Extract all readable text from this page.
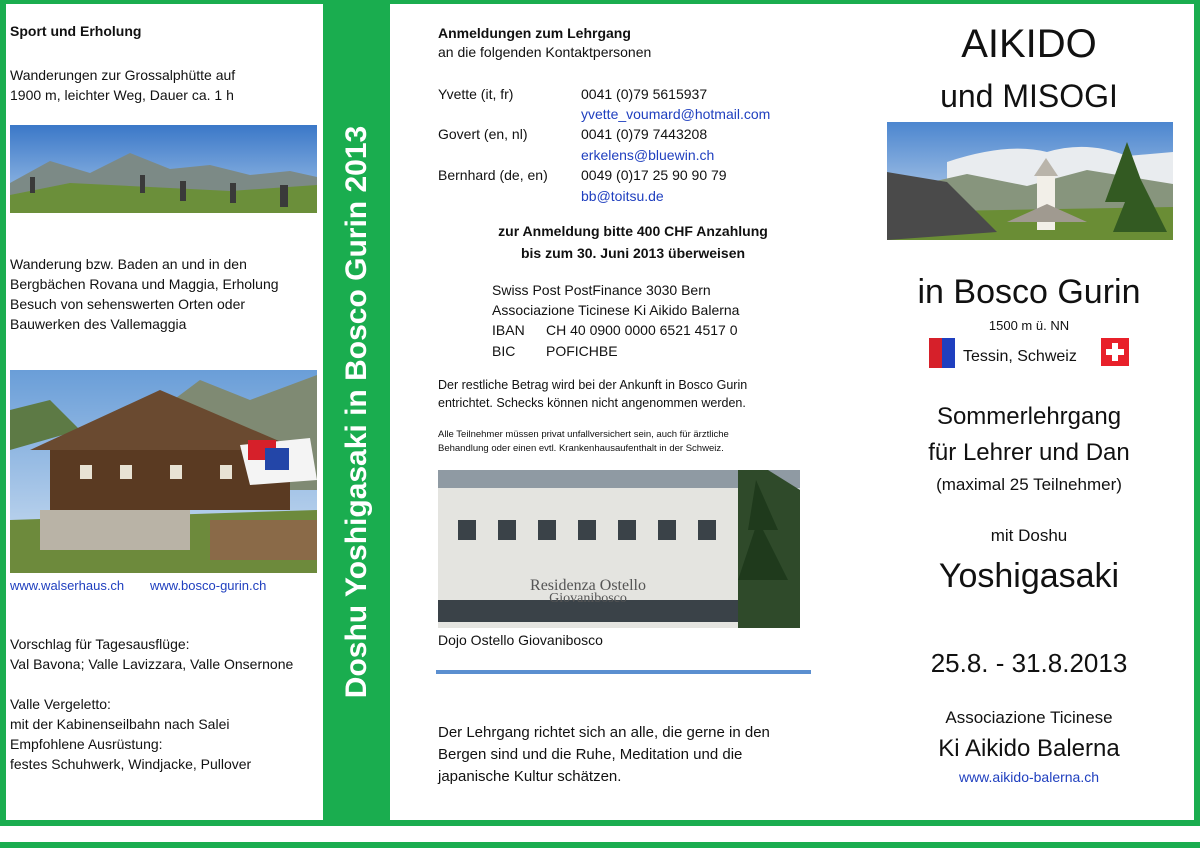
Sport und Erholung
Wanderungen zur Grossalphütte auf
1900 m, leichter Weg, Dauer ca. 1 h
Wanderung bzw. Baden an und in den
Bergbächen Rovana und Maggia, Erholung
Besuch von sehenswerten Orten oder
Bauwerken des Vallemaggia
www.walserhaus.ch www.bosco-gurin.ch
Vorschlag für Tagesausflüge:
Val Bavona; Valle Lavizzara, Valle Onsernone
Valle Vergeletto:
mit der Kabinenseilbahn nach Salei
Empfohlene Ausrüstung:
festes Schuhwerk, Windjacke, Pullover
Doshu Yoshigasaki in Bosco Gurin 2013
Anmeldungen zum Lehrgang
an die folgenden Kontaktpersonen
Yvette (it, fr)	0041 (0)79 5615937
yvette_voumard@hotmail.com
Govert (en, nl)	0041 (0)79 7443208
erkelens@bluewin.ch
Bernhard (de, en) 0049 (0)17 25 90 90 79
bb@toitsu.de
zur Anmeldung bitte 400 CHF Anzahlung
bis zum 30. Juni 2013 überweisen
Swiss Post PostFinance 3030 Bern
Associazione Ticinese Ki Aikido Balerna
IBAN CH 40 0900 0000 6521 4517 0
BIC POFICHBE
Der restliche Betrag wird bei der Ankunft in Bosco Gurin
entrichtet. Schecks können nicht angenommen werden.
Alle Teilnehmer müssen privat unfallversichert sein, auch für ärztliche
Behandlung oder einen evtl. Krankenhausaufenthalt in der Schweiz.
Residenza Ostello
Giovanibosco
Dojo Ostello Giovanibosco
Der Lehrgang richtet sich an alle, die gerne in den
Bergen sind und die Ruhe, Meditation und die
japanische Kultur schätzen.
AIKIDO
und MISOGI
in Bosco Gurin
1500 m ü. NN
Tessin, Schweiz
Sommerlehrgang
für Lehrer und Dan
(maximal 25 Teilnehmer)
mit Doshu
Yoshigasaki
25.8. - 31.8.2013
Associazione Ticinese
Ki Aikido Balerna
www.aikido-balerna.ch
